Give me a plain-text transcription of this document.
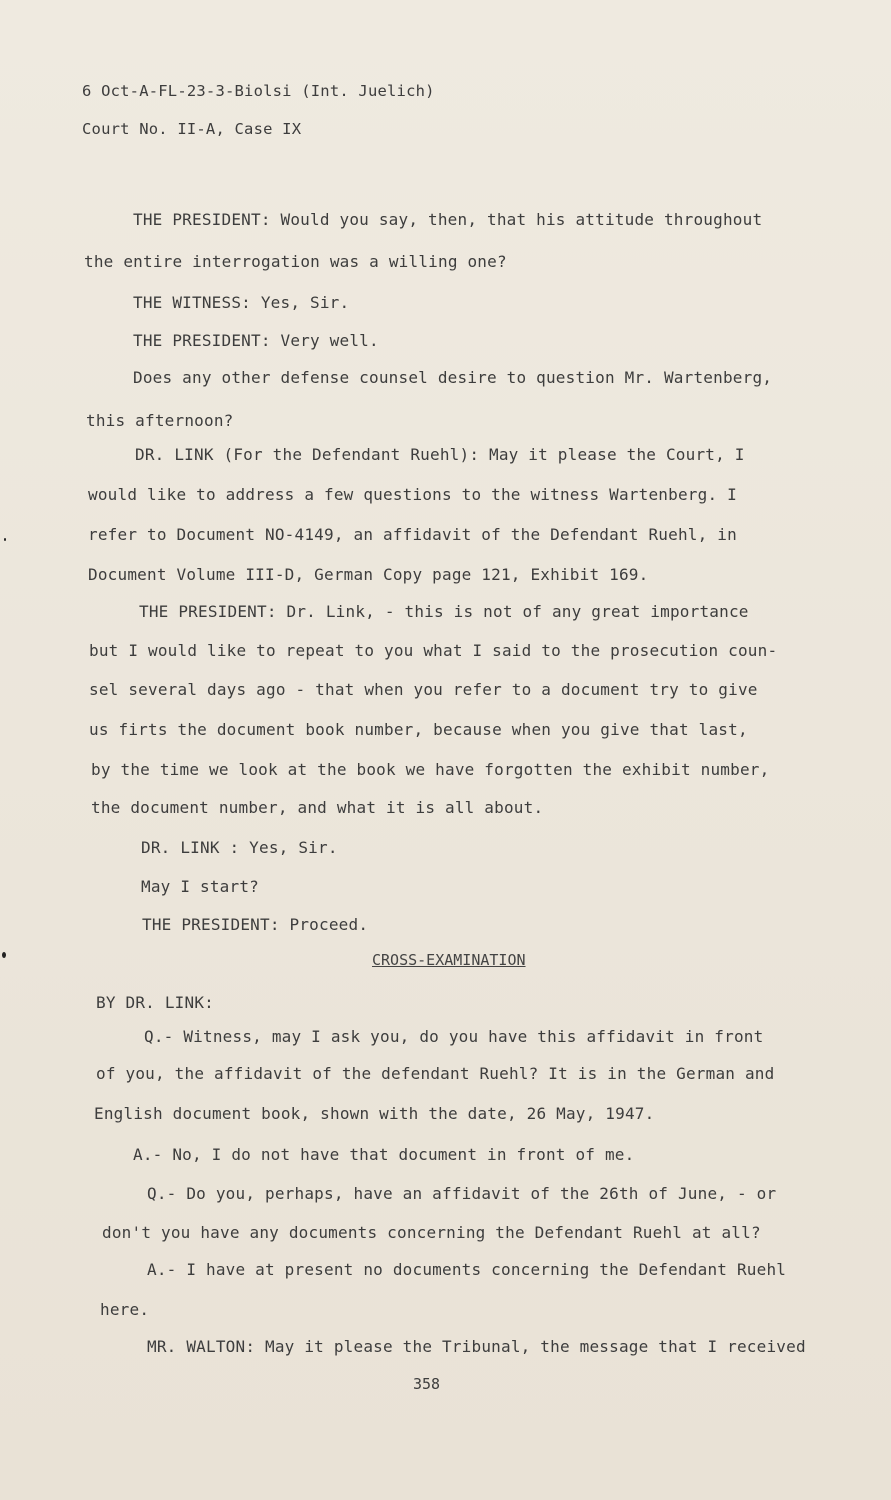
6 Oct-A-FL-23-3-Biolsi (Int. Juelich)
Court No. II-A, Case IX
THE PRESIDENT: Would you say, then, that his attitude throughout
the entire interrogation was a willing one?
THE WITNESS: Yes, Sir.
THE PRESIDENT: Very well.
Does any other defense counsel desire to question Mr. Wartenberg,
this afternoon?
DR. LINK (For the Defendant Ruehl): May it please the Court, I
would like to address a few questions to the witness Wartenberg. I
refer to Document NO-4149, an affidavit of the Defendant Ruehl, in
Document Volume III-D, German Copy page 121, Exhibit 169.
THE PRESIDENT: Dr. Link, - this is not of any great importance
but I would like to repeat to you what I said to the prosecution coun-
sel several days ago - that when you refer to a document try to give
us firts the document book number, because when you give that last,
by the time we look at the book we have forgotten the exhibit number,
the document number, and what it is all about.
DR. LINK : Yes, Sir.
May I start?
THE PRESIDENT: Proceed.
CROSS-EXAMINATION
BY DR. LINK:
Q.- Witness, may I ask you, do you have this affidavit in front
of you, the affidavit of the defendant Ruehl? It is in the German and
English document book, shown with the date, 26 May, 1947.
A.- No, I do not have that document in front of me.
Q.- Do you, perhaps, have an affidavit of the 26th of June, - or
don't you have any documents concerning the Defendant Ruehl at all?
A.- I have at present no documents concerning the Defendant Ruehl
here.
MR. WALTON: May it please the Tribunal, the message that I received
358
